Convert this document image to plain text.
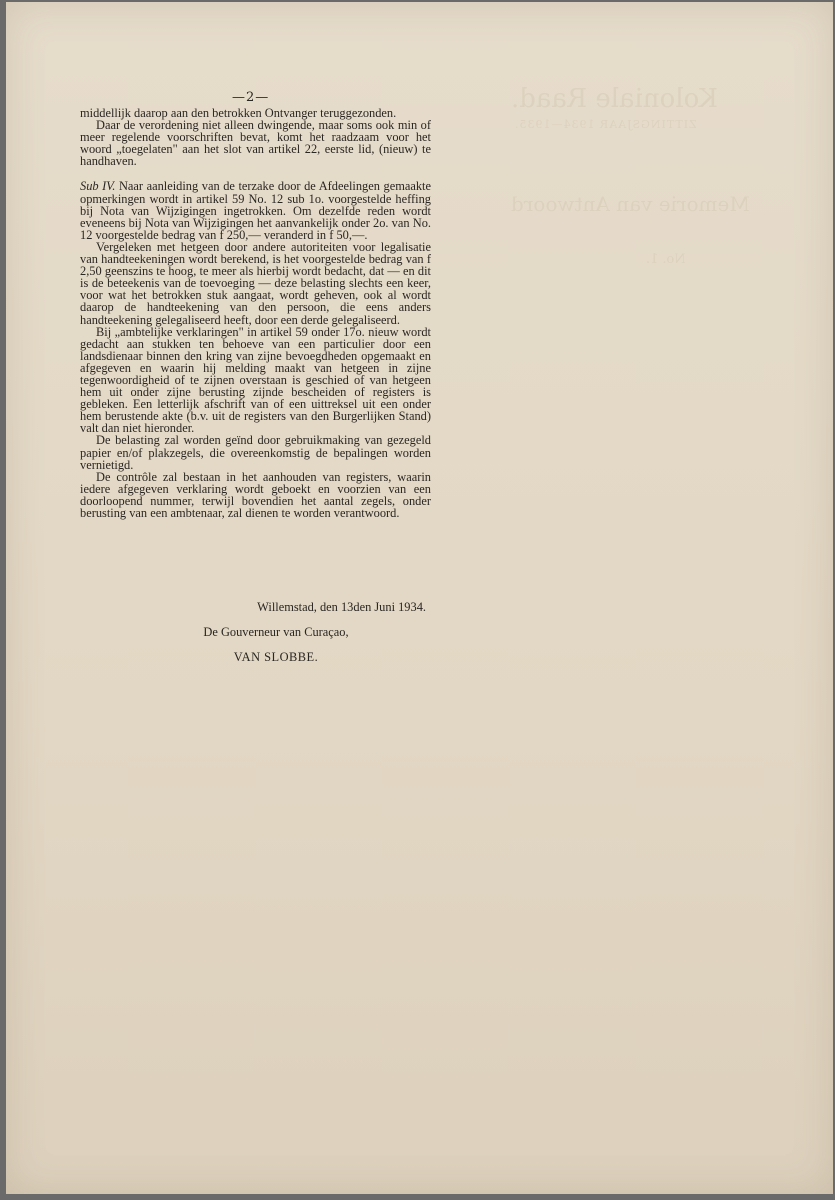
Koloniale Raad.
ZITTINGSJAAR 1934—1935.
Memorie van Antwoord
No. 1.
—2—

middellijk daarop aan den betrokken Ontvanger teruggezonden.

Daar de verordening niet alleen dwingende, maar soms ook min of meer regelende voorschriften bevat, komt het raadzaam voor het woord „toegelaten" aan het slot van artikel 22, eerste lid, (nieuw) te handhaven.

Sub IV. Naar aanleiding van de terzake door de Afdeelingen gemaakte opmerkingen wordt in artikel 59 No. 12 sub 1o. voorgestelde heffing bij Nota van Wijzigingen ingetrokken. Om dezelfde reden wordt eveneens bij Nota van Wijzigingen het aanvankelijk onder 2o. van No. 12 voorgestelde bedrag van f 250,— veranderd in f 50,—.

Vergeleken met hetgeen door andere autoriteiten voor legalisatie van handteekeningen wordt berekend, is het voorgestelde bedrag van f 2,50 geenszins te hoog, te meer als hierbij wordt bedacht, dat — en dit is de beteekenis van de toevoeging — deze belasting slechts een keer, voor wat het betrokken stuk aangaat, wordt geheven, ook al wordt daarop de handteekening van den persoon, die eens anders handteekening gelegaliseerd heeft, door een derde gelegaliseerd.

Bij „ambtelijke verklaringen" in artikel 59 onder 17o. nieuw wordt gedacht aan stukken ten behoeve van een particulier door een landsdienaar binnen den kring van zijne bevoegdheden opgemaakt en afgegeven en waarin hij melding maakt van hetgeen in zijne tegenwoordigheid of te zijnen overstaan is geschied of van hetgeen hem uit onder zijne berusting zijnde bescheiden of registers is gebleken. Een letterlijk afschrift van of een uittreksel uit een onder hem berustende akte (b.v. uit de registers van den Burgerlijken Stand) valt dan niet hieronder.

De belasting zal worden geïnd door gebruikmaking van gezegeld papier en/of plakzegels, die overeenkomstig de bepalingen worden vernietigd.

De contrôle zal bestaan in het aanhouden van registers, waarin iedere afgegeven verklaring wordt geboekt en voorzien van een doorloopend nummer, terwijl bovendien het aantal zegels, onder berusting van een ambtenaar, zal dienen te worden verantwoord.

Willemstad, den 13den Juni 1934.
De Gouverneur van Curaçao,
VAN SLOBBE.
